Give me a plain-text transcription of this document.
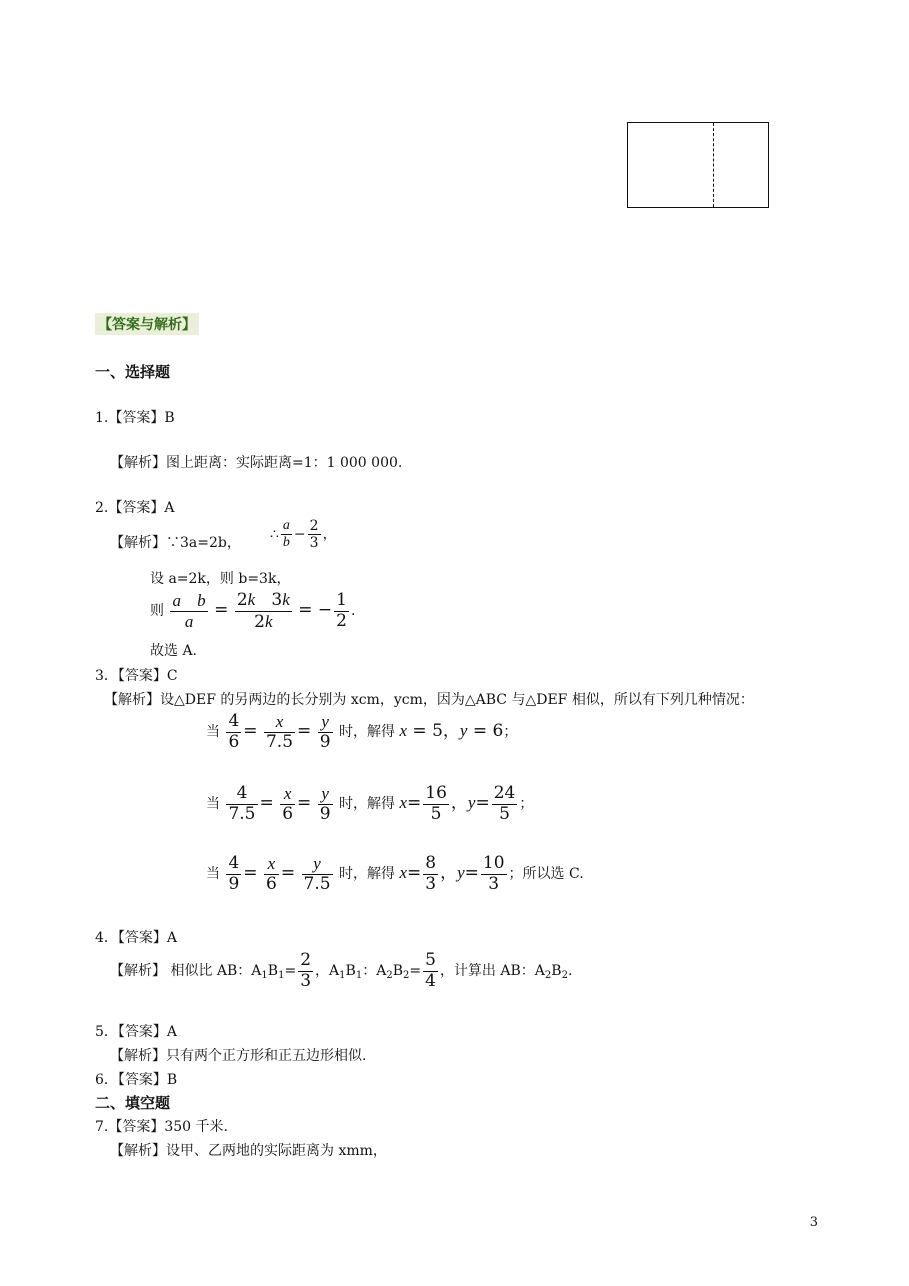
【答案与解析】
一、选择题
1.【答案】B
【解析】图上距离：实际距离=1：1 000 000.
2.【答案】A
【解析】∵3a=2b，
∴ $\frac{a}{b} - \frac{2}{3}$ ，
设 a=2k，则 b=3k，
则 $\frac{\text{a b}}{a} = \frac{2k 3k}{2k}$ = − $\frac{1}{2}$ .
故选 A.
3．【答案】C
【解析】设△DEF 的另两边的长分别为 xcm，ycm，因为△ABC 与△DEF 相似，所以有下列几种情况：
当 $\frac{4}{6} = \frac{x}{7.5} = \frac{y}{9}$ 时，解得 x = 5，y = 6；
当 $\frac{4}{7.5} = \frac{x}{6} = \frac{y}{9}$ 时，解得 $x= \frac{16}{5}$ ，$y= \frac{24}{5}$ ；
当 $\frac{4}{9} = \frac{x}{6} = \frac{y}{7.5}$ 时，解得 $x= \frac{8}{3}$ ，$y= \frac{10}{3}$ ；所以选 C.
4．【答案】A
【解析】 相似比 AB：$A_1B_1= \frac{2}{3}$ ，$A_1B_1$：$A_2B_2= \frac{5}{4}$ ，计算出 AB：$A_2B_2$.
5．【答案】A
【解析】只有两个正方形和正五边形相似.
6．【答案】B
二、填空题
7.【答案】350 千米.
【解析】设甲、乙两地的实际距离为 xmm，
3
